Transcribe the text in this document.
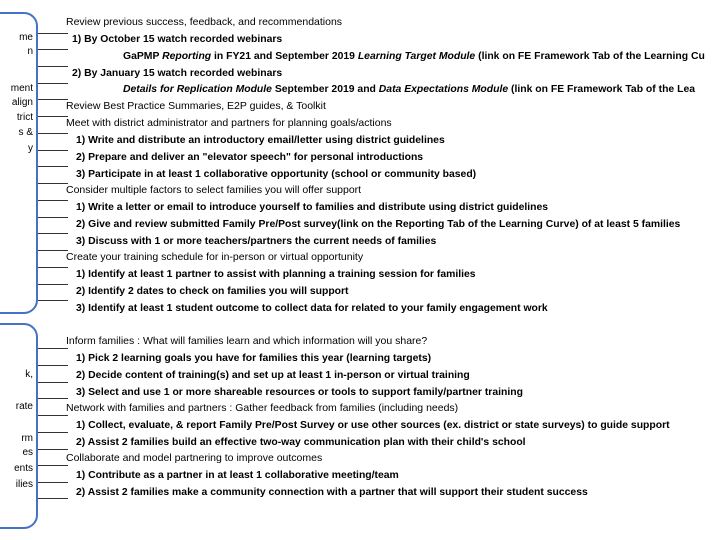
me
n
ment
align
trict
s &
y
k,
rate
rm
es
ents
ilies
Review previous success, feedback, and recommendations
1) By October 15 watch recorded webinars
GaPMP Reporting in FY21 and September 2019 Learning Target Module (link on FE Framework Tab of the Learning Cu
2) By January 15 watch recorded webinars
Details for Replication Module September 2019 and Data Expectations Module (link on FE Framework Tab of the Lea
Review Best Practice Summaries, E2P guides, & Toolkit
Meet with district administrator and partners for planning goals/actions
1) Write and distribute an introductory email/letter using district guidelines
2) Prepare and deliver an "elevator speech" for personal introductions
3) Participate in at least 1 collaborative opportunity (school or community based)
Consider multiple factors to select families you will offer support
1) Write a letter or email to introduce yourself to families and distribute using district guidelines
2) Give and review submitted Family Pre/Post survey(link on the Reporting Tab of the Learning Curve) of at least 5 families
3) Discuss with 1 or more teachers/partners the current needs of families
Create your training schedule for in-person or virtual opportunity
1) Identify at least 1 partner to assist with planning a training session for families
2) Identify 2 dates to check on families you will support
3) Identify at least 1 student outcome to collect data for related to your family engagement work
Inform families : What will families learn and which information will you share?
1) Pick 2 learning goals you have for families this year (learning targets)
2) Decide content of training(s) and set up at least 1 in-person or virtual training
3) Select and use 1 or more shareable resources or tools to support family/partner training
Network with families and partners : Gather feedback from families (including needs)
1) Collect, evaluate, & report Family Pre/Post Survey or use other sources (ex. district or state surveys) to guide support
2) Assist 2 families build an effective two-way communication plan with their child's school
Collaborate and model partnering to improve outcomes
1) Contribute as a partner in at least 1 collaborative meeting/team
2) Assist 2 families make a community connection with a partner that will support their student success
